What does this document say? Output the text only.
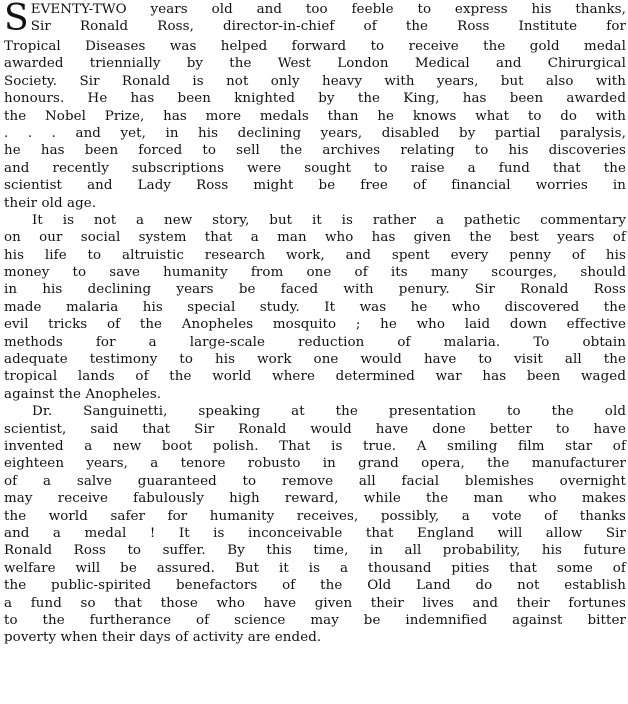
S EVENTY-TWO years old and too feeble to express his thanks,
Sir Ronald Ross, director-in-chief of the Ross Institute for
Tropical Diseases was helped forward to receive the gold medal
awarded triennially by the West London Medical and Chirurgical
Society. Sir Ronald is not only heavy with years, but also with
honours. He has been knighted by the King, has been awarded
the Nobel Prize, has more medals than he knows what to do with
. . . and yet, in his declining years, disabled by partial paralysis,
he has been forced to sell the archives relating to his discoveries
and recently subscriptions were sought to raise a fund that the
scientist and Lady Ross might be free of financial worries in
their old age.
It is not a new story, but it is rather a pathetic commentary
on our social system that a man who has given the best years of
his life to altruistic research work, and spent every penny of his
money to save humanity from one of its many scourges, should
in his declining years be faced with penury. Sir Ronald Ross
made malaria his special study. It was he who discovered the
evil tricks of the Anopheles mosquito ; he who laid down effective
methods for a large-scale reduction of malaria. To obtain
adequate testimony to his work one would have to visit all the
tropical lands of the world where determined war has been waged
against the Anopheles.
Dr. Sanguinetti, speaking at the presentation to the old
scientist, said that Sir Ronald would have done better to have
invented a new boot polish. That is true. A smiling film star of
eighteen years, a tenore robusto in grand opera, the manufacturer
of a salve guaranteed to remove all facial blemishes overnight
may receive fabulously high reward, while the man who makes
the world safer for humanity receives, possibly, a vote of thanks
and a medal ! It is inconceivable that England will allow Sir
Ronald Ross to suffer. By this time, in all probability, his future
welfare will be assured. But it is a thousand pities that some of
the public-spirited benefactors of the Old Land do not establish
a fund so that those who have given their lives and their fortunes
to the furtherance of science may be indemnified against bitter
poverty when their days of activity are ended.
